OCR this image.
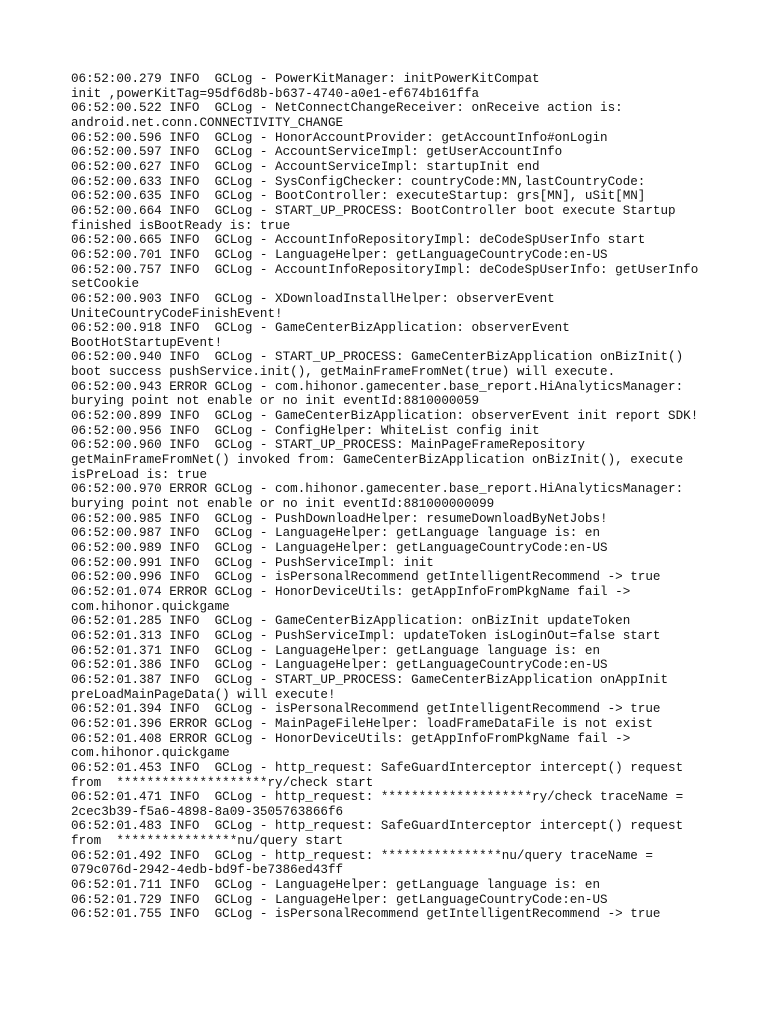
06:52:00.279 INFO  GCLog - PowerKitManager: initPowerKitCompat
init ,powerKitTag=95df6d8b-b637-4740-a0e1-ef674b161ffa
06:52:00.522 INFO  GCLog - NetConnectChangeReceiver: onReceive action is:
android.net.conn.CONNECTIVITY_CHANGE
06:52:00.596 INFO  GCLog - HonorAccountProvider: getAccountInfo#onLogin
06:52:00.597 INFO  GCLog - AccountServiceImpl: getUserAccountInfo
06:52:00.627 INFO  GCLog - AccountServiceImpl: startupInit end
06:52:00.633 INFO  GCLog - SysConfigChecker: countryCode:MN,lastCountryCode:
06:52:00.635 INFO  GCLog - BootController: executeStartup: grs[MN], uSit[MN]
06:52:00.664 INFO  GCLog - START_UP_PROCESS: BootController boot execute Startup
finished isBootReady is: true
06:52:00.665 INFO  GCLog - AccountInfoRepositoryImpl: deCodeSpUserInfo start
06:52:00.701 INFO  GCLog - LanguageHelper: getLanguageCountryCode:en-US
06:52:00.757 INFO  GCLog - AccountInfoRepositoryImpl: deCodeSpUserInfo: getUserInfo
setCookie
06:52:00.903 INFO  GCLog - XDownloadInstallHelper: observerEvent
UniteCountryCodeFinishEvent!
06:52:00.918 INFO  GCLog - GameCenterBizApplication: observerEvent
BootHotStartupEvent!
06:52:00.940 INFO  GCLog - START_UP_PROCESS: GameCenterBizApplication onBizInit()
boot success pushService.init(), getMainFrameFromNet(true) will execute.
06:52:00.943 ERROR GCLog - com.hihonor.gamecenter.base_report.HiAnalyticsManager:
burying point not enable or no init eventId:8810000059
06:52:00.899 INFO  GCLog - GameCenterBizApplication: observerEvent init report SDK!
06:52:00.956 INFO  GCLog - ConfigHelper: WhiteList config init
06:52:00.960 INFO  GCLog - START_UP_PROCESS: MainPageFrameRepository
getMainFrameFromNet() invoked from: GameCenterBizApplication onBizInit(), execute
isPreLoad is: true
06:52:00.970 ERROR GCLog - com.hihonor.gamecenter.base_report.HiAnalyticsManager:
burying point not enable or no init eventId:881000000099
06:52:00.985 INFO  GCLog - PushDownloadHelper: resumeDownloadByNetJobs!
06:52:00.987 INFO  GCLog - LanguageHelper: getLanguage language is: en
06:52:00.989 INFO  GCLog - LanguageHelper: getLanguageCountryCode:en-US
06:52:00.991 INFO  GCLog - PushServiceImpl: init
06:52:00.996 INFO  GCLog - isPersonalRecommend getIntelligentRecommend -> true
06:52:01.074 ERROR GCLog - HonorDeviceUtils: getAppInfoFromPkgName fail ->
com.hihonor.quickgame
06:52:01.285 INFO  GCLog - GameCenterBizApplication: onBizInit updateToken
06:52:01.313 INFO  GCLog - PushServiceImpl: updateToken isLoginOut=false start
06:52:01.371 INFO  GCLog - LanguageHelper: getLanguage language is: en
06:52:01.386 INFO  GCLog - LanguageHelper: getLanguageCountryCode:en-US
06:52:01.387 INFO  GCLog - START_UP_PROCESS: GameCenterBizApplication onAppInit
preLoadMainPageData() will execute!
06:52:01.394 INFO  GCLog - isPersonalRecommend getIntelligentRecommend -> true
06:52:01.396 ERROR GCLog - MainPageFileHelper: loadFrameDataFile is not exist
06:52:01.408 ERROR GCLog - HonorDeviceUtils: getAppInfoFromPkgName fail ->
com.hihonor.quickgame
06:52:01.453 INFO  GCLog - http_request: SafeGuardInterceptor intercept() request
from  ********************ry/check start
06:52:01.471 INFO  GCLog - http_request: ********************ry/check traceName =
2cec3b39-f5a6-4898-8a09-3505763866f6
06:52:01.483 INFO  GCLog - http_request: SafeGuardInterceptor intercept() request
from  ****************nu/query start
06:52:01.492 INFO  GCLog - http_request: ****************nu/query traceName =
079c076d-2942-4edb-bd9f-be7386ed43ff
06:52:01.711 INFO  GCLog - LanguageHelper: getLanguage language is: en
06:52:01.729 INFO  GCLog - LanguageHelper: getLanguageCountryCode:en-US
06:52:01.755 INFO  GCLog - isPersonalRecommend getIntelligentRecommend -> true
